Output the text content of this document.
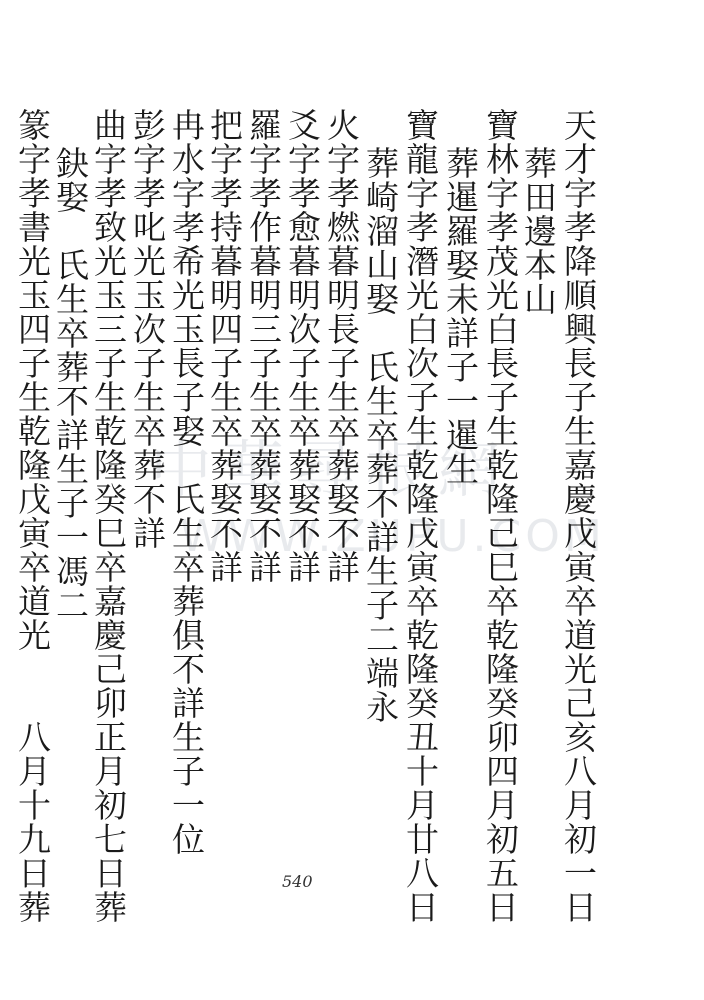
中華尋根網
WWW.ZUPU.COM
天才字孝降順興長子生嘉慶戊寅卒道光己亥八月初一日
葬田邊本山
寶林字孝茂光白長子生乾隆己巳卒乾隆癸卯四月初五日
葬暹羅娶未詳子一暹生
寶龍字孝潛光白次子生乾隆戊寅卒乾隆癸丑十月廿八日
葬崎溜山娶　氏生卒葬不詳生子二端永
火字孝燃暮明長子生卒葬娶不詳
爻字孝愈暮明次子生卒葬娶不詳
羅字孝作暮明三子生卒葬娶不詳
把字孝持暮明四子生卒葬娶不詳
冉水字孝希光玉長子娶　氏生卒葬俱不詳生子一位
彭字孝叱光玉次子生卒葬不詳
曲字孝致光玉三子生乾隆癸巳卒嘉慶己卯正月初七日葬
鈌娶　氏生卒葬不詳生子一馮二
篆字孝書光玉四子生乾隆戊寅卒道光　　八月十九日葬	540
